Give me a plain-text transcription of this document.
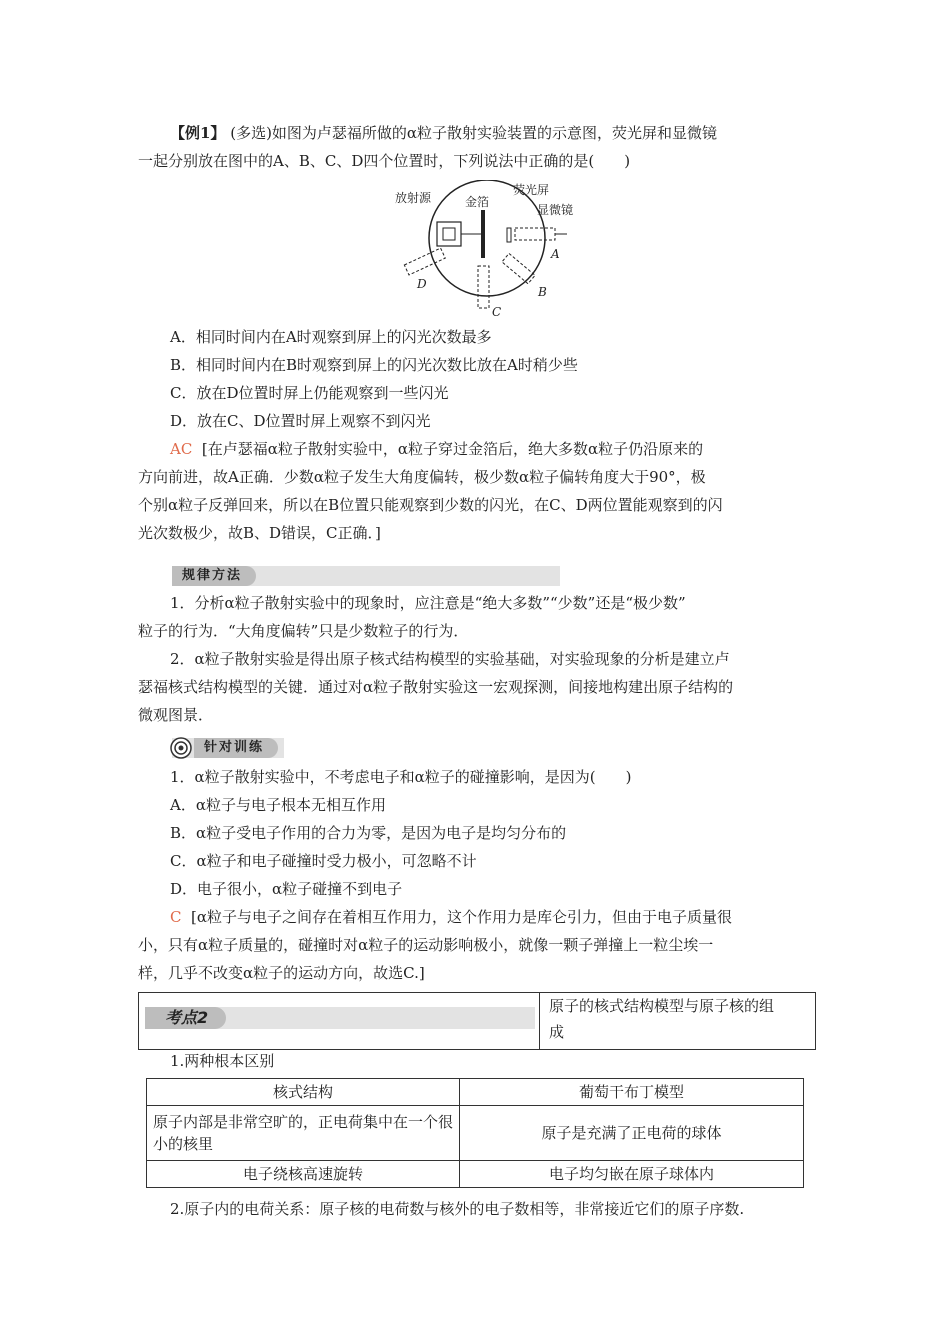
【例1】 (多选)如图为卢瑟福所做的α粒子散射实验装置的示意图，荧光屏和显微镜
一起分别放在图中的A、B、C、D四个位置时，下列说法中正确的是(　　)
放射源	金箔
荧光屏
显微镜
A
B
C
D
A．相同时间内在A时观察到屏上的闪光次数最多
B．相同时间内在B时观察到屏上的闪光次数比放在A时稍少些
C．放在D位置时屏上仍能观察到一些闪光
D．放在C、D位置时屏上观察不到闪光
AC [在卢瑟福α粒子散射实验中，α粒子穿过金箔后，绝大多数α粒子仍沿原来的
方向前进，故A正确．少数α粒子发生大角度偏转，极少数α粒子偏转角度大于90°，极
个别α粒子反弹回来，所以在B位置只能观察到少数的闪光，在C、D两位置能观察到的闪
光次数极少，故B、D错误，C正确．]
规律方法
1．分析α粒子散射实验中的现象时，应注意是“绝大多数”“少数”还是“极少数”
粒子的行为．“大角度偏转”只是少数粒子的行为．
2．α粒子散射实验是得出原子核式结构模型的实验基础，对实验现象的分析是建立卢
瑟福核式结构模型的关键．通过对α粒子散射实验这一宏观探测，间接地构建出原子结构的
微观图景．
针对训练
1．α粒子散射实验中，不考虑电子和α粒子的碰撞影响，是因为(　　)
A．α粒子与电子根本无相互作用
B．α粒子受电子作用的合力为零，是因为电子是均匀分布的
C．α粒子和电子碰撞时受力极小，可忽略不计
D．电子很小，α粒子碰撞不到电子
C [α粒子与电子之间存在着相互作用力，这个作用力是库仑引力，但由于电子质量很
小，只有α粒子质量的，碰撞时对α粒子的运动影响极小，就像一颗子弹撞上一粒尘埃一
样，几乎不改变α粒子的运动方向，故选C.]
考点2
原子的核式结构模型与原子核的组
成
1.两种根本区别
核式结构	葡萄干布丁模型
原子内部是非常空旷的，正电荷集中在一个很小的核里	原子是充满了正电荷的球体
电子绕核高速旋转	电子均匀嵌在原子球体内
2.原子内的电荷关系：原子核的电荷数与核外的电子数相等，非常接近它们的原子序数.
